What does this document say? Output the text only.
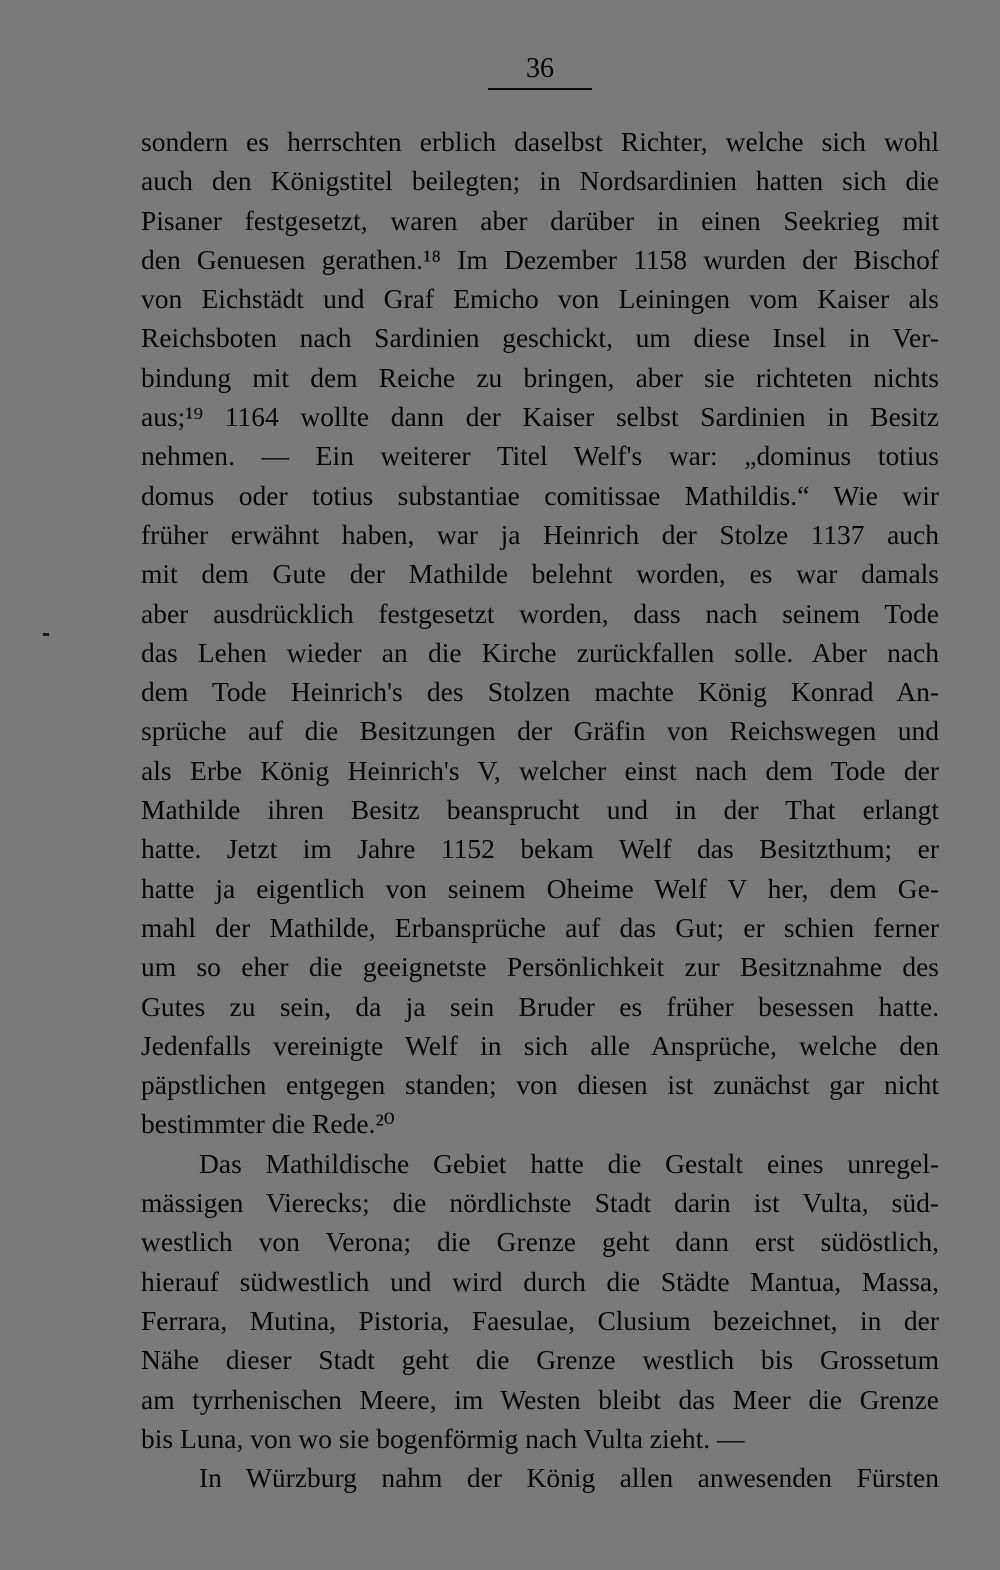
36
sondern es herrschten erblich daselbst Richter, welche sich wohl
auch den Königstitel beilegten; in Nordsardinien hatten sich die
Pisaner festgesetzt, waren aber darüber in einen Seekrieg mit
den Genuesen gerathen.¹⁸ Im Dezember 1158 wurden der Bischof
von Eichstädt und Graf Emicho von Leiningen vom Kaiser als
Reichsboten nach Sardinien geschickt, um diese Insel in Ver-
bindung mit dem Reiche zu bringen, aber sie richteten nichts
aus;¹⁹ 1164 wollte dann der Kaiser selbst Sardinien in Besitz
nehmen. — Ein weiterer Titel Welf's war: „dominus totius
domus oder totius substantiae comitissae Mathildis.“ Wie wir
früher erwähnt haben, war ja Heinrich der Stolze 1137 auch
mit dem Gute der Mathilde belehnt worden, es war damals
aber ausdrücklich festgesetzt worden, dass nach seinem Tode
das Lehen wieder an die Kirche zurückfallen solle. Aber nach
dem Tode Heinrich's des Stolzen machte König Konrad An-
sprüche auf die Besitzungen der Gräfin von Reichswegen und
als Erbe König Heinrich's V, welcher einst nach dem Tode der
Mathilde ihren Besitz beansprucht und in der That erlangt
hatte. Jetzt im Jahre 1152 bekam Welf das Besitzthum; er
hatte ja eigentlich von seinem Oheime Welf V her, dem Ge-
mahl der Mathilde, Erbansprüche auf das Gut; er schien ferner
um so eher die geeignetste Persönlichkeit zur Besitznahme des
Gutes zu sein, da ja sein Bruder es früher besessen hatte.
Jedenfalls vereinigte Welf in sich alle Ansprüche, welche den
päpstlichen entgegen standen; von diesen ist zunächst gar nicht
bestimmter die Rede.²⁰
Das Mathildische Gebiet hatte die Gestalt eines unregel-
mässigen Vierecks; die nördlichste Stadt darin ist Vulta, süd-
westlich von Verona; die Grenze geht dann erst südöstlich,
hierauf südwestlich und wird durch die Städte Mantua, Massa,
Ferrara, Mutina, Pistoria, Faesulae, Clusium bezeichnet, in der
Nähe dieser Stadt geht die Grenze westlich bis Grossetum
am tyrrhenischen Meere, im Westen bleibt das Meer die Grenze
bis Luna, von wo sie bogenförmig nach Vulta zieht. —
In Würzburg nahm der König allen anwesenden Fürsten
